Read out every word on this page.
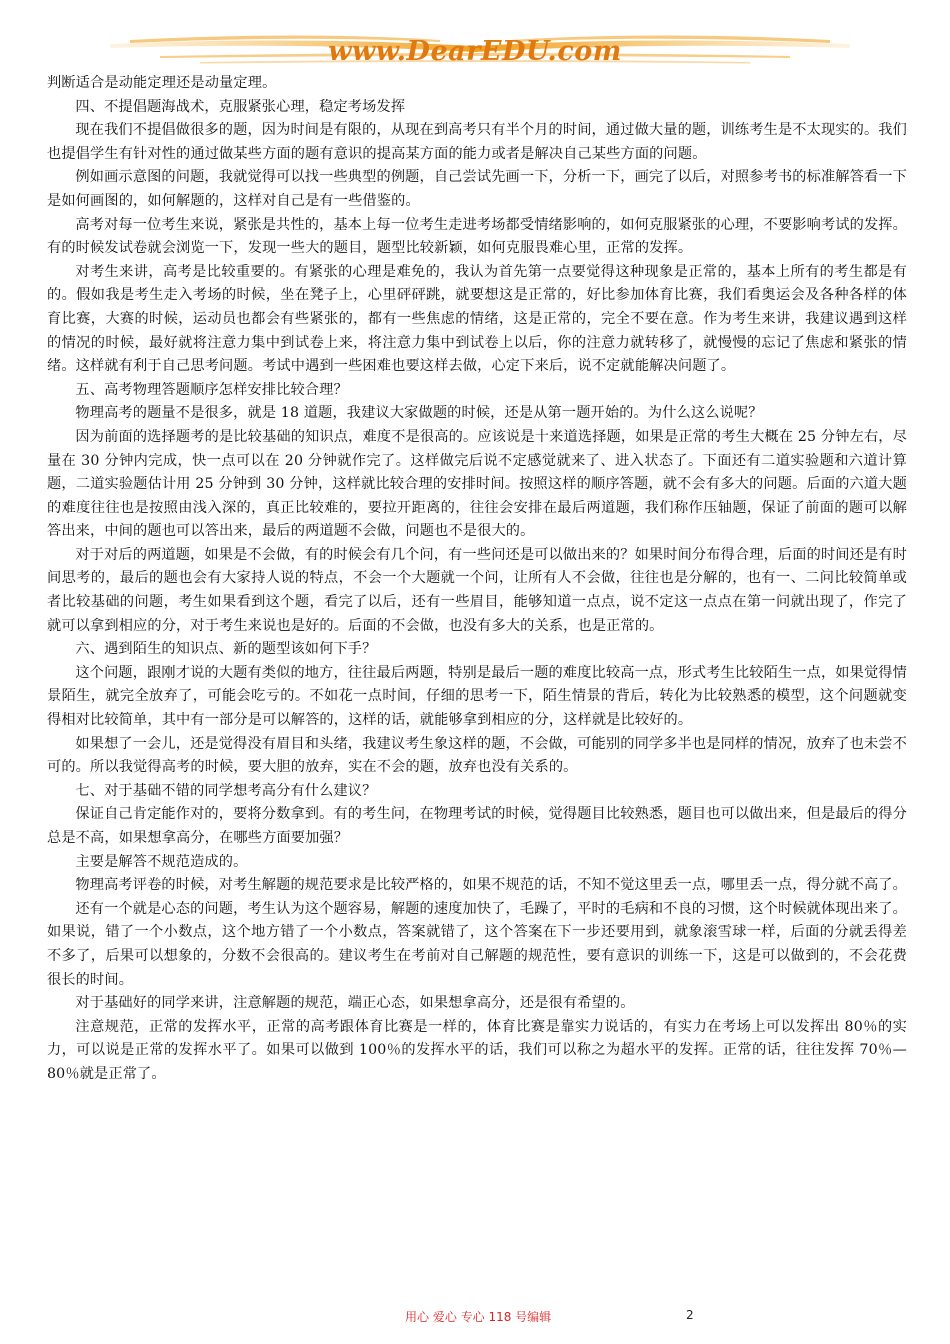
www.DearEDU.com

判断适合是动能定理还是动量定理。

四、不提倡题海战术，克服紧张心理，稳定考场发挥

现在我们不提倡做很多的题，因为时间是有限的，从现在到高考只有半个月的时间，通过做大量的题，训练考生是不太现实的。我们也提倡学生有针对性的通过做某些方面的题有意识的提高某方面的能力或者是解决自己某些方面的问题。

例如画示意图的问题，我就觉得可以找一些典型的例题，自己尝试先画一下，分析一下，画完了以后，对照参考书的标准解答看一下是如何画图的，如何解题的，这样对自己是有一些借鉴的。

高考对每一位考生来说，紧张是共性的，基本上每一位考生走进考场都受情绪影响的，如何克服紧张的心理，不要影响考试的发挥。有的时候发试卷就会浏览一下，发现一些大的题目，题型比较新颖，如何克服畏难心里，正常的发挥。

对考生来讲，高考是比较重要的。有紧张的心理是难免的，我认为首先第一点要觉得这种现象是正常的，基本上所有的考生都是有的。假如我是考生走入考场的时候，坐在凳子上，心里砰砰跳，就要想这是正常的，好比参加体育比赛，我们看奥运会及各种各样的体育比赛，大赛的时候，运动员也都会有些紧张的，都有一些焦虑的情绪，这是正常的，完全不要在意。作为考生来讲，我建议遇到这样的情况的时候，最好就将注意力集中到试卷上来，将注意力集中到试卷上以后，你的注意力就转移了，就慢慢的忘记了焦虑和紧张的情绪。这样就有利于自己思考问题。考试中遇到一些困难也要这样去做，心定下来后，说不定就能解决问题了。

五、高考物理答题顺序怎样安排比较合理？

物理高考的题量不是很多，就是 18 道题，我建议大家做题的时候，还是从第一题开始的。为什么这么说呢？

因为前面的选择题考的是比较基础的知识点，难度不是很高的。应该说是十来道选择题，如果是正常的考生大概在 25 分钟左右，尽量在 30 分钟内完成，快一点可以在 20 分钟就作完了。这样做完后说不定感觉就来了、进入状态了。下面还有二道实验题和六道计算题，二道实验题估计用 25 分钟到 30 分钟，这样就比较合理的安排时间。按照这样的顺序答题，就不会有多大的问题。后面的六道大题的难度往往也是按照由浅入深的，真正比较难的，要拉开距离的，往往会安排在最后两道题，我们称作压轴题，保证了前面的题可以解答出来，中间的题也可以答出来，最后的两道题不会做，问题也不是很大的。

对于对后的两道题，如果是不会做，有的时候会有几个问，有一些问还是可以做出来的？如果时间分布得合理，后面的时间还是有时间思考的，最后的题也会有大家持人说的特点，不会一个大题就一个问，让所有人不会做，往往也是分解的，也有一、二问比较简单或者比较基础的问题，考生如果看到这个题，看完了以后，还有一些眉目，能够知道一点点，说不定这一点点在第一问就出现了，作完了就可以拿到相应的分，对于考生来说也是好的。后面的不会做，也没有多大的关系，也是正常的。

六、遇到陌生的知识点、新的题型该如何下手？

这个问题，跟刚才说的大题有类似的地方，往往最后两题，特别是最后一题的难度比较高一点，形式考生比较陌生一点，如果觉得情景陌生，就完全放弃了，可能会吃亏的。不如花一点时间，仔细的思考一下，陌生情景的背后，转化为比较熟悉的模型，这个问题就变得相对比较简单，其中有一部分是可以解答的，这样的话，就能够拿到相应的分，这样就是比较好的。

如果想了一会儿，还是觉得没有眉目和头绪，我建议考生象这样的题，不会做，可能别的同学多半也是同样的情况，放弃了也未尝不可的。所以我觉得高考的时候，要大胆的放弃，实在不会的题，放弃也没有关系的。

七、对于基础不错的同学想考高分有什么建议？

保证自己肯定能作对的，要将分数拿到。有的考生问，在物理考试的时候，觉得题目比较熟悉，题目也可以做出来，但是最后的得分总是不高，如果想拿高分，在哪些方面要加强？

主要是解答不规范造成的。

物理高考评卷的时候，对考生解题的规范要求是比较严格的，如果不规范的话，不知不觉这里丢一点，哪里丢一点，得分就不高了。

还有一个就是心态的问题，考生认为这个题容易，解题的速度加快了，毛躁了，平时的毛病和不良的习惯，这个时候就体现出来了。如果说，错了一个小数点，这个地方错了一个小数点，答案就错了，这个答案在下一步还要用到，就象滚雪球一样，后面的分就丢得差不多了，后果可以想象的，分数不会很高的。建议考生在考前对自己解题的规范性，要有意识的训练一下，这是可以做到的，不会花费很长的时间。

对于基础好的同学来讲，注意解题的规范，端正心态，如果想拿高分，还是很有希望的。

注意规范，正常的发挥水平，正常的高考跟体育比赛是一样的，体育比赛是靠实力说话的，有实力在考场上可以发挥出 80％的实力，可以说是正常的发挥水平了。如果可以做到 100％的发挥水平的话，我们可以称之为超水平的发挥。正常的话，往往发挥 70％—80％就是正常了。

用心 爱心 专心 118 号编辑	2
